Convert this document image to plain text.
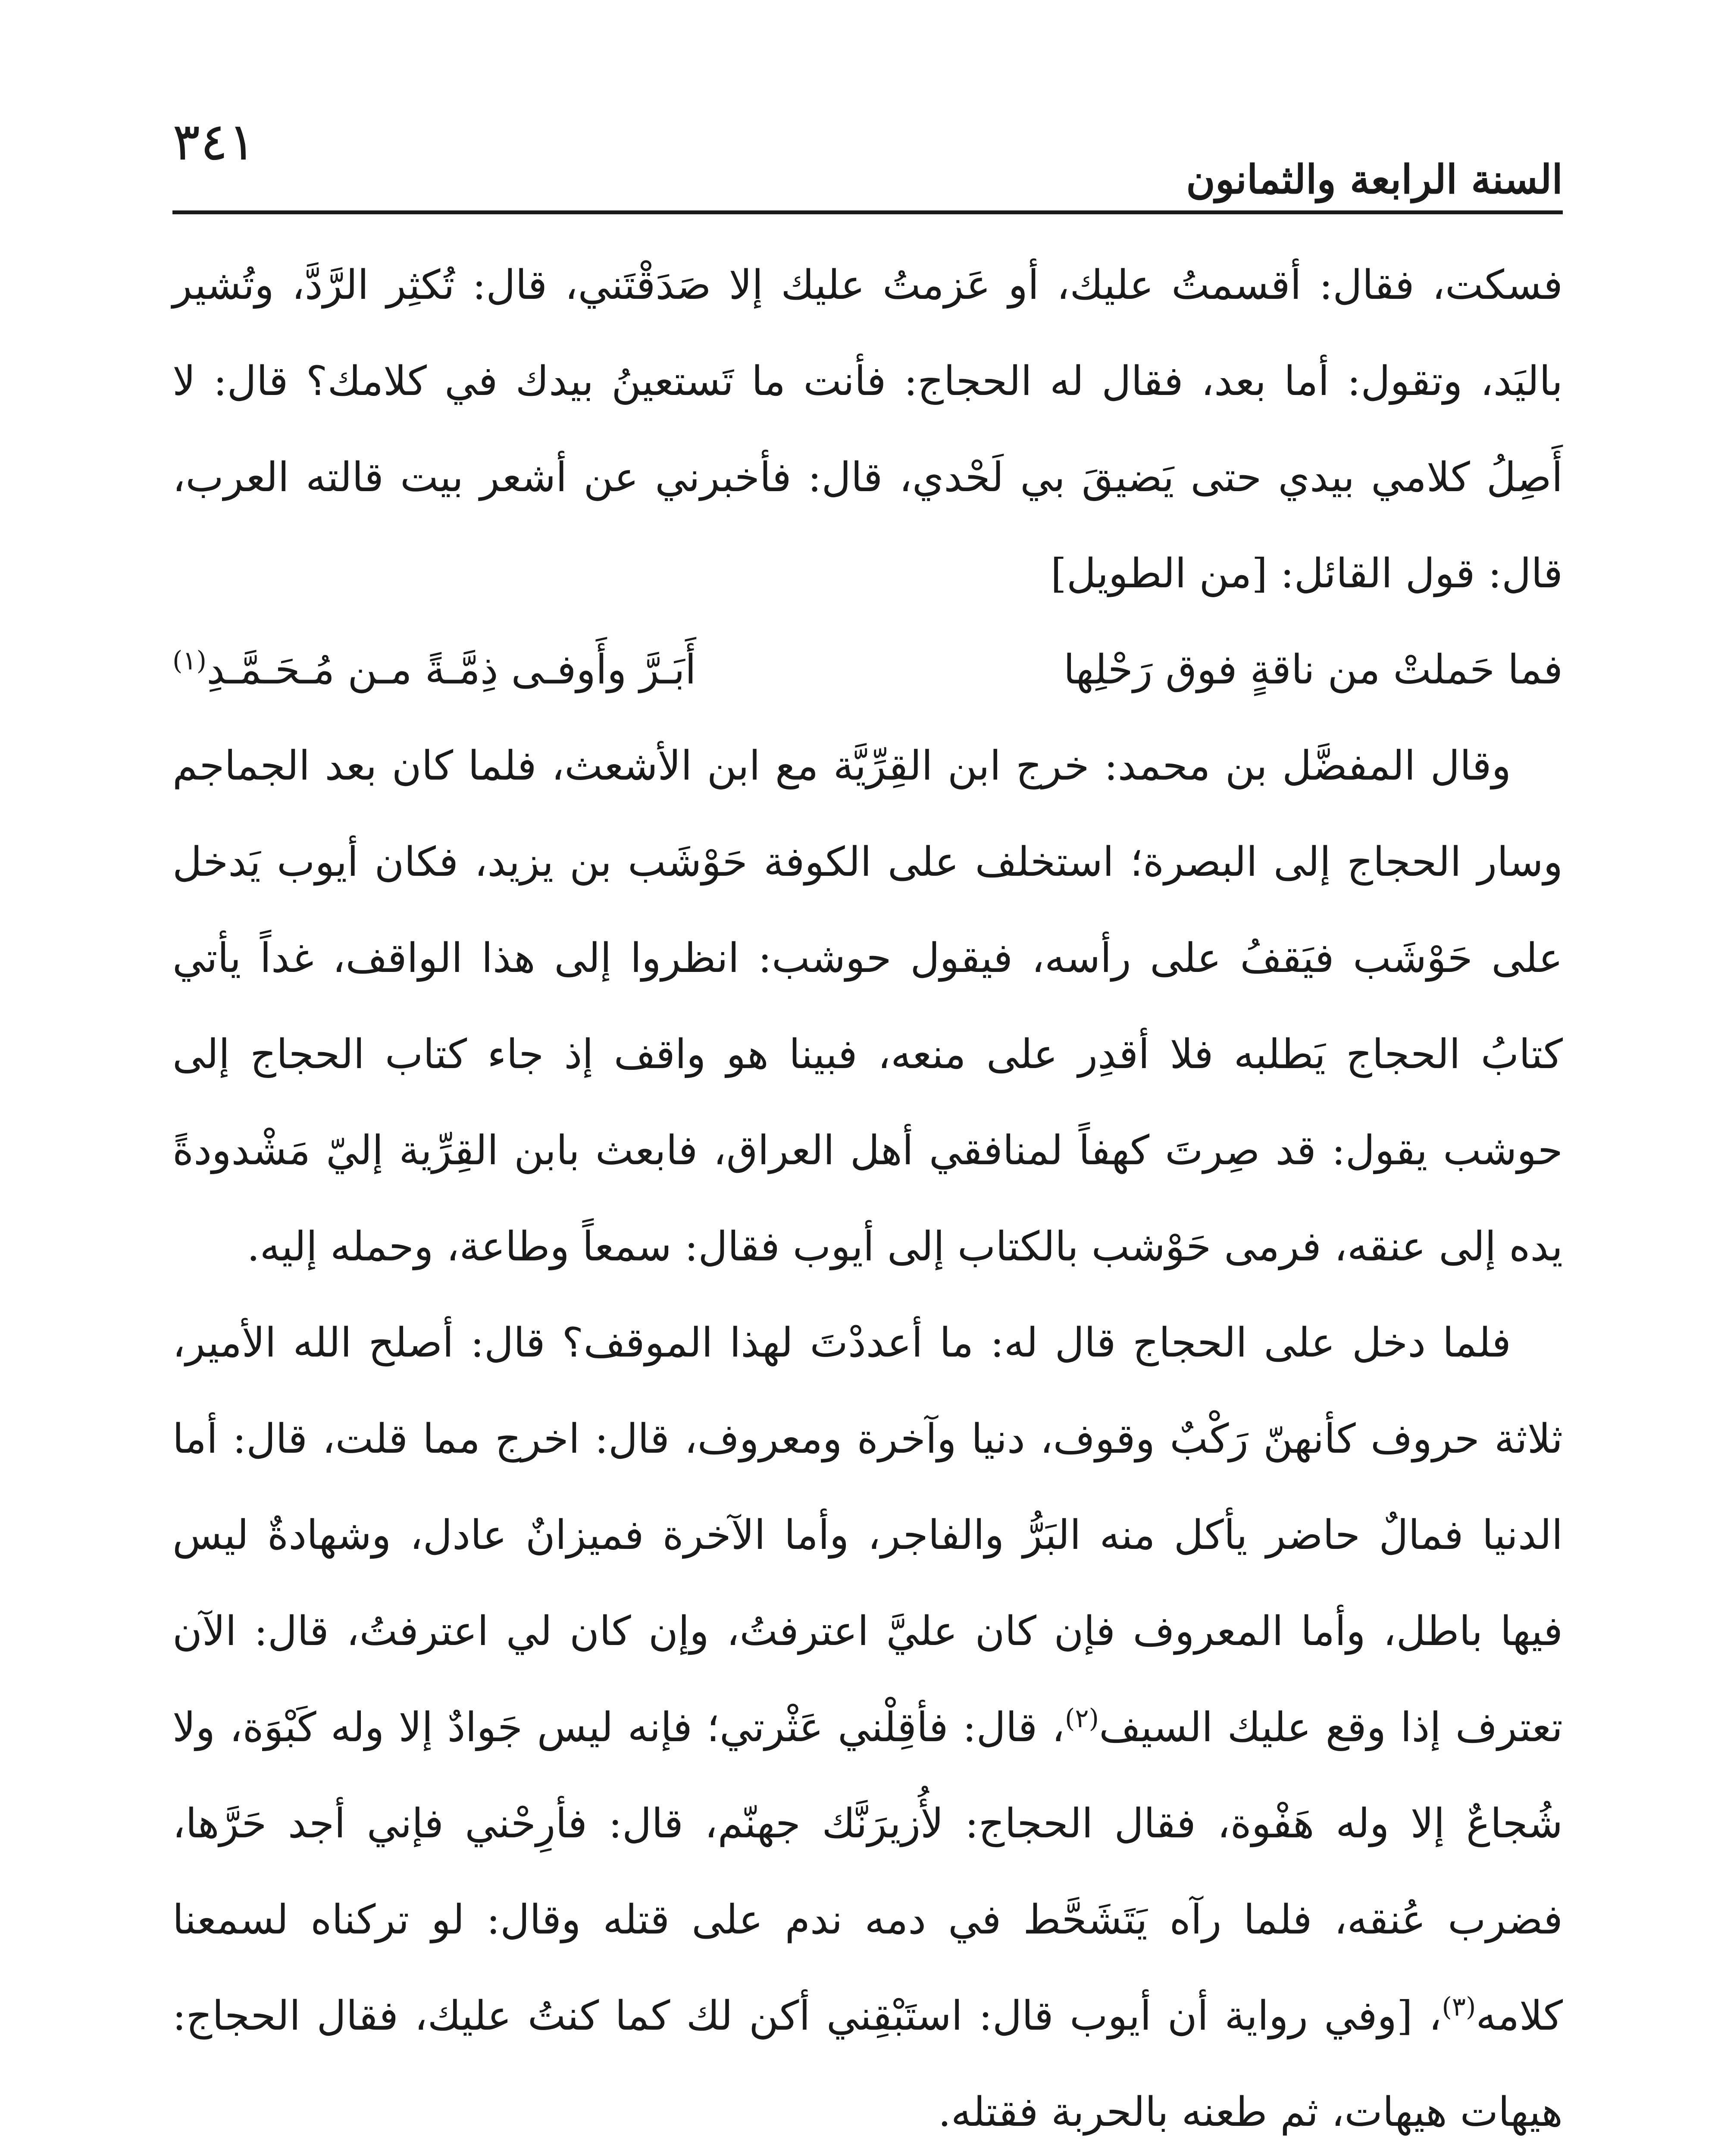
٣٤١
السنة الرابعة والثمانون

فسكت، فقال: أقسمتُ عليك، أو عَزمتُ عليك إلا صَدَقْتَني، قال: تُكثِر الرَّدَّ، وتُشير باليَد، وتقول: أما بعد، فقال له الحجاج: فأنت ما تَستعينُ بيدك في كلامك؟ قال: لا أَصِلُ كلامي بيدي حتى يَضيقَ بي لَحْدي، قال: فأخبرني عن أشعر بيت قالته العرب، قال: قول القائل: [من الطويل]

فما حَملتْ من ناقةٍ فوق رَحْلِها
أَبَـرَّ وأَوفـى ذِمَّـةً مـن مُـحَـمَّـدِ$^{(١)}$

وقال المفضَّل بن محمد: خرج ابن القِرِّيَّة مع ابن الأشعث، فلما كان بعد الجماجم وسار الحجاج إلى البصرة؛ استخلف على الكوفة حَوْشَب بن يزيد، فكان أيوب يَدخل على حَوْشَب فيَقفُ على رأسه، فيقول حوشب: انظروا إلى هذا الواقف، غداً يأتي كتابُ الحجاج يَطلبه فلا أقدِر على منعه، فبينا هو واقف إذ جاء كتاب الحجاج إلى حوشب يقول: قد صِرتَ كهفاً لمنافقي أهل العراق، فابعث بابن القِرِّية إليّ مَشْدودةً يده إلى عنقه، فرمى حَوْشب بالكتاب إلى أيوب فقال: سمعاً وطاعة، وحمله إليه.

فلما دخل على الحجاج قال له: ما أعددْتَ لهذا الموقف؟ قال: أصلح الله الأمير، ثلاثة حروف كأنهنّ رَكْبٌ وقوف، دنيا وآخرة ومعروف، قال: اخرج مما قلت، قال: أما الدنيا فمالٌ حاضر يأكل منه البَرُّ والفاجر، وأما الآخرة فميزانٌ عادل، وشهادةٌ ليس فيها باطل، وأما المعروف فإن كان عليَّ اعترفتُ، وإن كان لي اعترفتُ، قال: الآن تعترف إذا وقع عليك السيف$^{(٢)}$، قال: فأقِلْني عَثْرتي؛ فإنه ليس جَوادٌ إلا وله كَبْوَة، ولا شُجاعٌ إلا وله هَفْوة، فقال الحجاج: لأُزيرَنَّك جهنّم، قال: فأرِحْني فإني أجد حَرَّها، فضرب عُنقه، فلما رآه يَتَشَحَّط في دمه ندم على قتله وقال: لو تركناه لسمعنا كلامه$^{(٣)}$، [وفي رواية أن أيوب قال: استَبْقِني أكن لك كما كنتُ عليك، فقال الحجاج: هيهات هيهات، ثم طعنه بالحربة فقتله.
